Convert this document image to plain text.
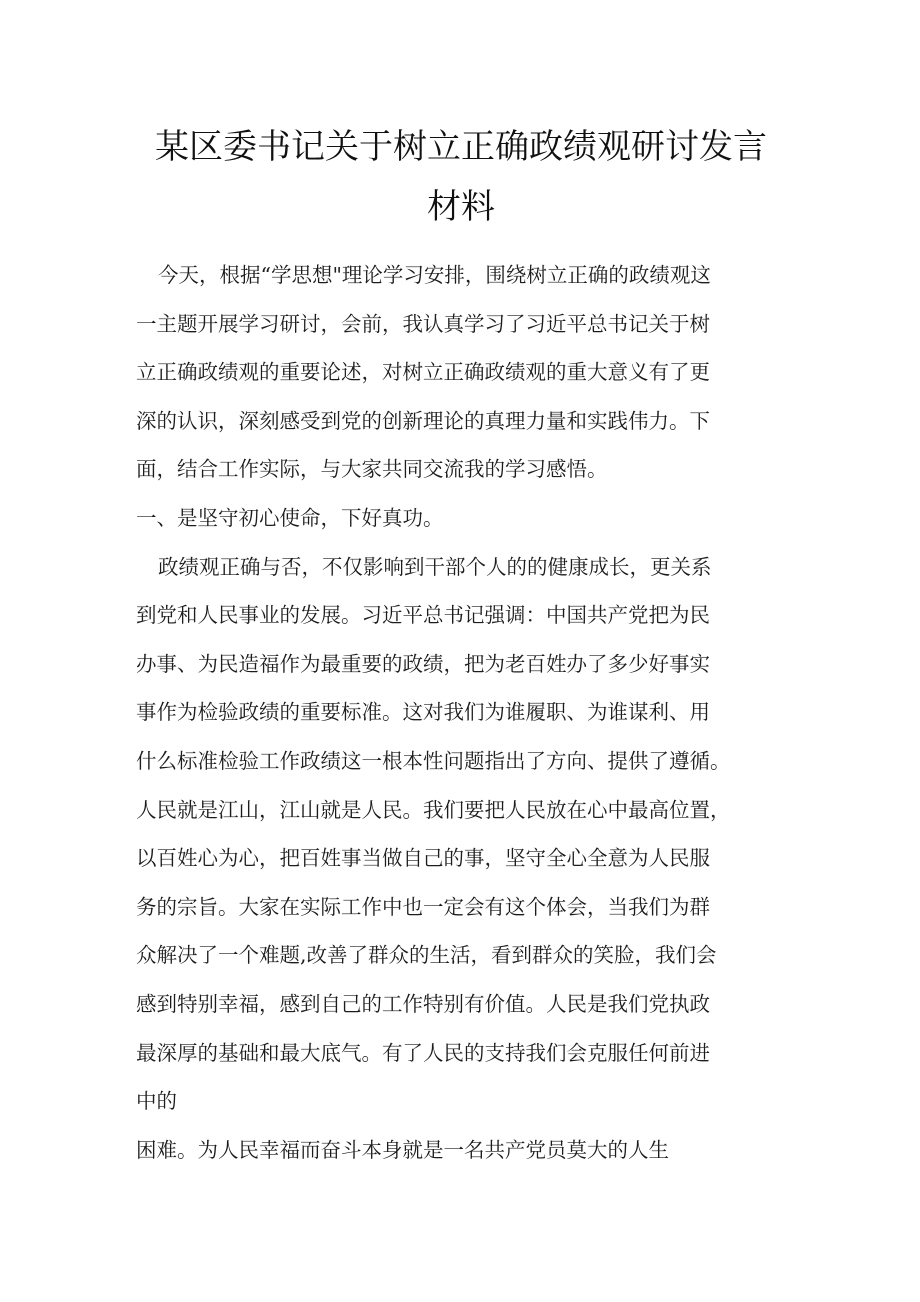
某区委书记关于树立正确政绩观研讨发言
材料
今天，根据“学思想"理论学习安排，围绕树立正确的政绩观这
一主题开展学习研讨，会前，我认真学习了习近平总书记关于树
立正确政绩观的重要论述，对树立正确政绩观的重大意义有了更
深的认识，深刻感受到党的创新理论的真理力量和实践伟力。下
面，结合工作实际，与大家共同交流我的学习感悟。
一、是坚守初心使命，下好真功。
政绩观正确与否，不仅影响到干部个人的的健康成长，更关系
到党和人民事业的发展。习近平总书记强调：中国共产党把为民
办事、为民造福作为最重要的政绩，把为老百姓办了多少好事实
事作为检验政绩的重要标准。这对我们为谁履职、为谁谋利、用
什么标准检验工作政绩这一根本性问题指出了方向、提供了遵循。
人民就是江山，江山就是人民。我们要把人民放在心中最高位置，
以百姓心为心，把百姓事当做自己的事，坚守全心全意为人民服
务的宗旨。大家在实际工作中也一定会有这个体会，当我们为群
众解决了一个难题,改善了群众的生活，看到群众的笑脸，我们会
感到特别幸福，感到自己的工作特别有价值。人民是我们党执政
最深厚的基础和最大底气。有了人民的支持我们会克服任何前进
中的
困难。为人民幸福而奋斗本身就是一名共产党员莫大的人生
